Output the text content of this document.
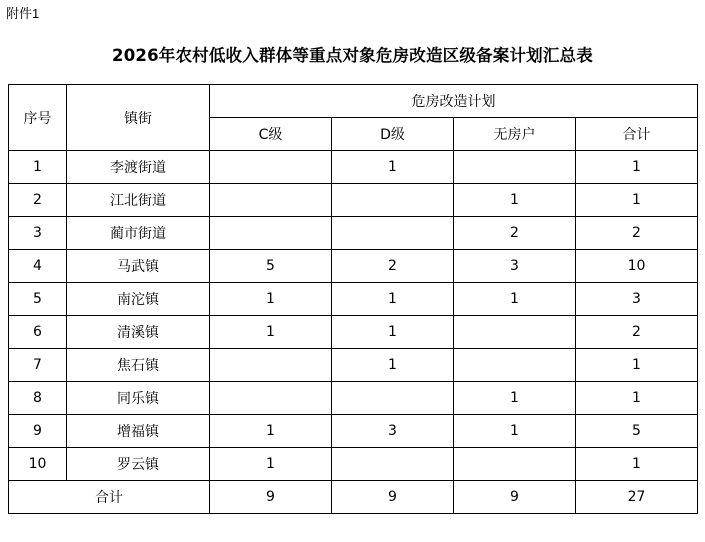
附件1
2026年农村低收入群体等重点对象危房改造区级备案计划汇总表
序号	镇街	危房改造计划			
		C级	D级	无房户	合计
1	李渡街道		1		1
2	江北街道			1	1
3	蔺市街道			2	2
4	马武镇	5	2	3	10
5	南沱镇	1	1	1	3
6	清溪镇	1	1		2
7	焦石镇		1		1
8	同乐镇			1	1
9	增福镇	1	3	1	5
10	罗云镇	1			1
合计		9	9	9	27
